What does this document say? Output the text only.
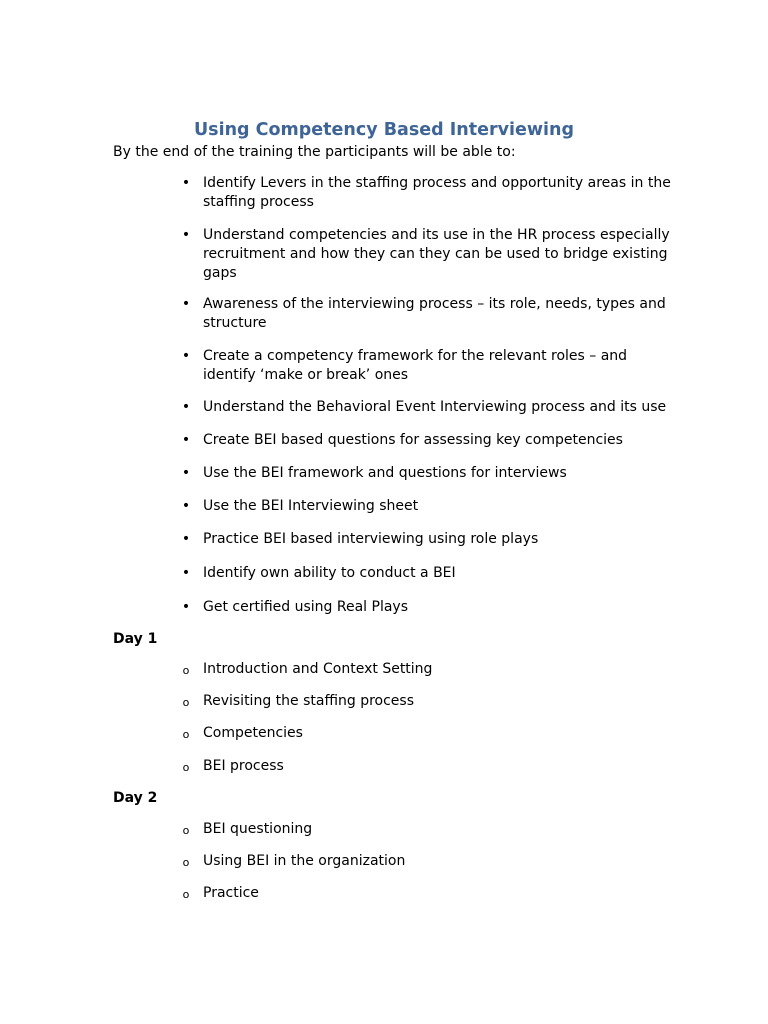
Using Competency Based Interviewing
By the end of the training the participants will be able to:
• Identify Levers in the staffing process and opportunity areas in the staffing process
• Understand competencies and its use in the HR process especially recruitment and how they can they can be used to bridge existing gaps
• Awareness of the interviewing process – its role, needs, types and structure
• Create a competency framework for the relevant roles – and identify ‘make or break’ ones
• Understand the Behavioral Event Interviewing process and its use
• Create BEI based questions for assessing key competencies
• Use the BEI framework and questions for interviews
• Use the BEI Interviewing sheet
• Practice BEI based interviewing using role plays
• Identify own ability to conduct a BEI
• Get certified using Real Plays
Day 1
o Introduction and Context Setting
o Revisiting the staffing process
o Competencies
o BEI process
Day 2
o BEI questioning
o Using BEI in the organization
o Practice
